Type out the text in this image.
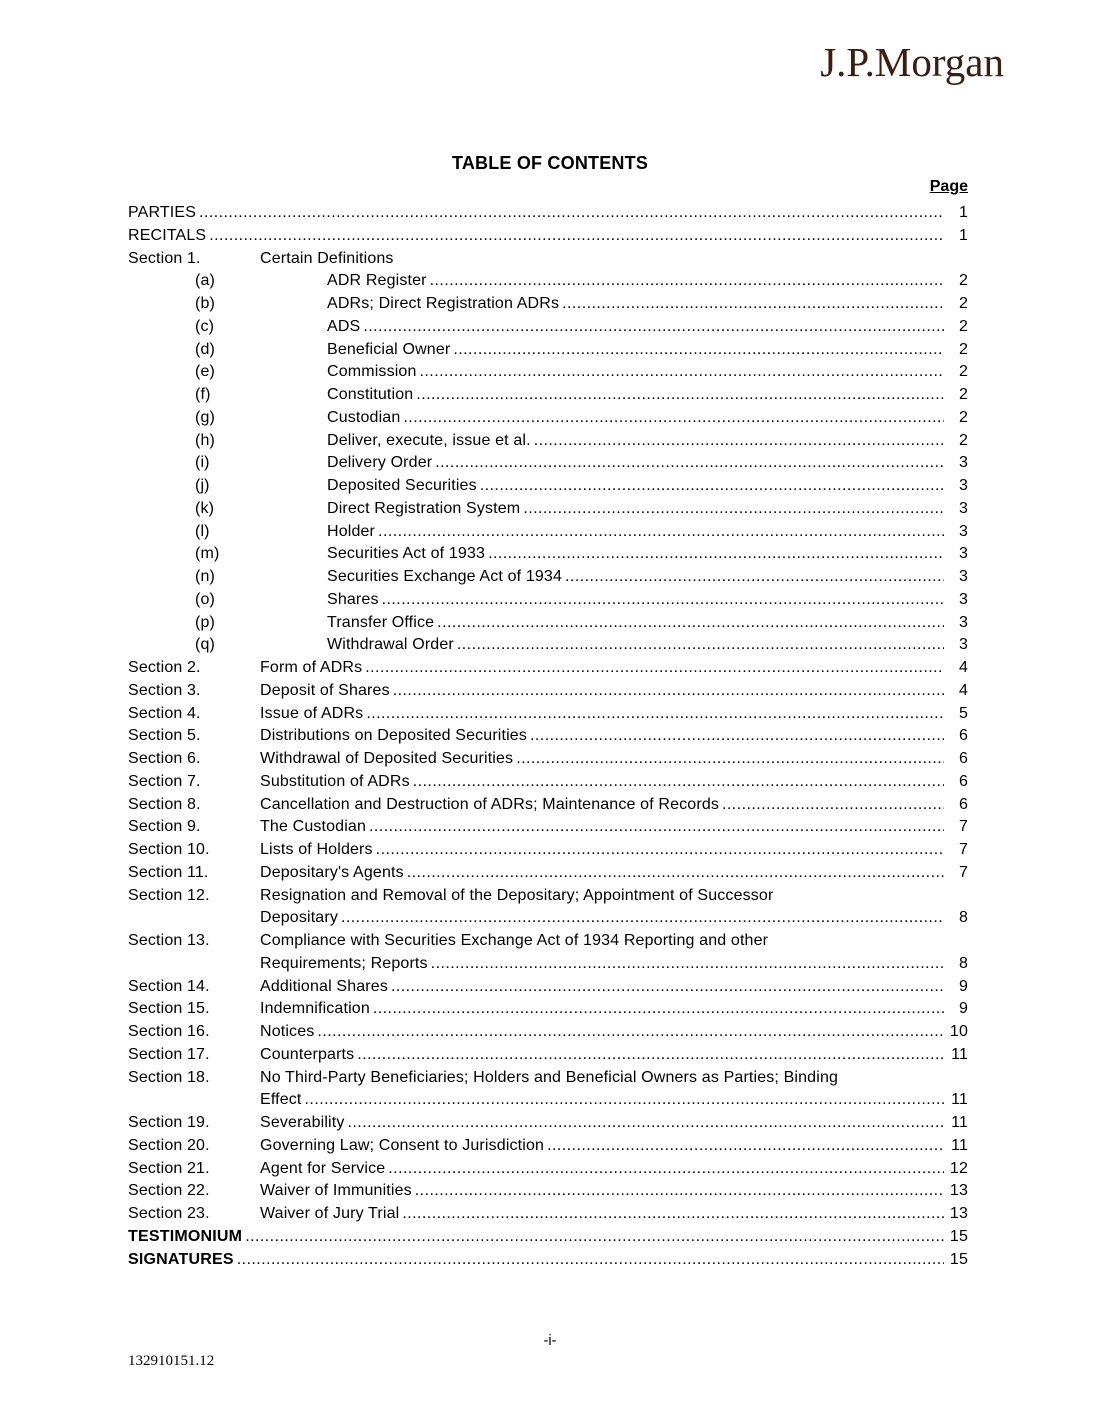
J.P.Morgan
TABLE OF CONTENTS
Page
PARTIES .....	1
RECITALS .....	1
Section 1.	Certain Definitions
(a)	ADR Register .....	2
(b)	ADRs; Direct Registration ADRs .....	2
(c)	ADS .....	2
(d)	Beneficial Owner .....	2
(e)	Commission .....	2
(f)	Constitution .....	2
(g)	Custodian .....	2
(h)	Deliver, execute, issue et al. .....	2
(i)	Delivery Order .....	3
(j)	Deposited Securities .....	3
(k)	Direct Registration System .....	3
(l)	Holder .....	3
(m)	Securities Act of 1933 .....	3
(n)	Securities Exchange Act of 1934 .....	3
(o)	Shares .....	3
(p)	Transfer Office .....	3
(q)	Withdrawal Order .....	3
Section 2.	Form of ADRs .....	4
Section 3.	Deposit of Shares .....	4
Section 4.	Issue of ADRs .....	5
Section 5.	Distributions on Deposited Securities .....	6
Section 6.	Withdrawal of Deposited Securities .....	6
Section 7.	Substitution of ADRs .....	6
Section 8.	Cancellation and Destruction of ADRs; Maintenance of Records .....	6
Section 9.	The Custodian .....	7
Section 10.	Lists of Holders .....	7
Section 11.	Depositary's Agents .....	7
Section 12.	Resignation and Removal of the Depositary; Appointment of Successor
Depositary .....	8
Section 13.	Compliance with Securities Exchange Act of 1934 Reporting and other
Requirements; Reports .....	8
Section 14.	Additional Shares .....	9
Section 15.	Indemnification .....	9
Section 16.	Notices .....	10
Section 17.	Counterparts .....	11
Section 18.	No Third-Party Beneficiaries; Holders and Beneficial Owners as Parties; Binding
Effect .....	11
Section 19.	Severability .....	11
Section 20.	Governing Law; Consent to Jurisdiction .....	11
Section 21.	Agent for Service .....	12
Section 22.	Waiver of Immunities .....	13
Section 23.	Waiver of Jury Trial .....	13
TESTIMONIUM .....	15
SIGNATURES .....	15
-i-
132910151.12
